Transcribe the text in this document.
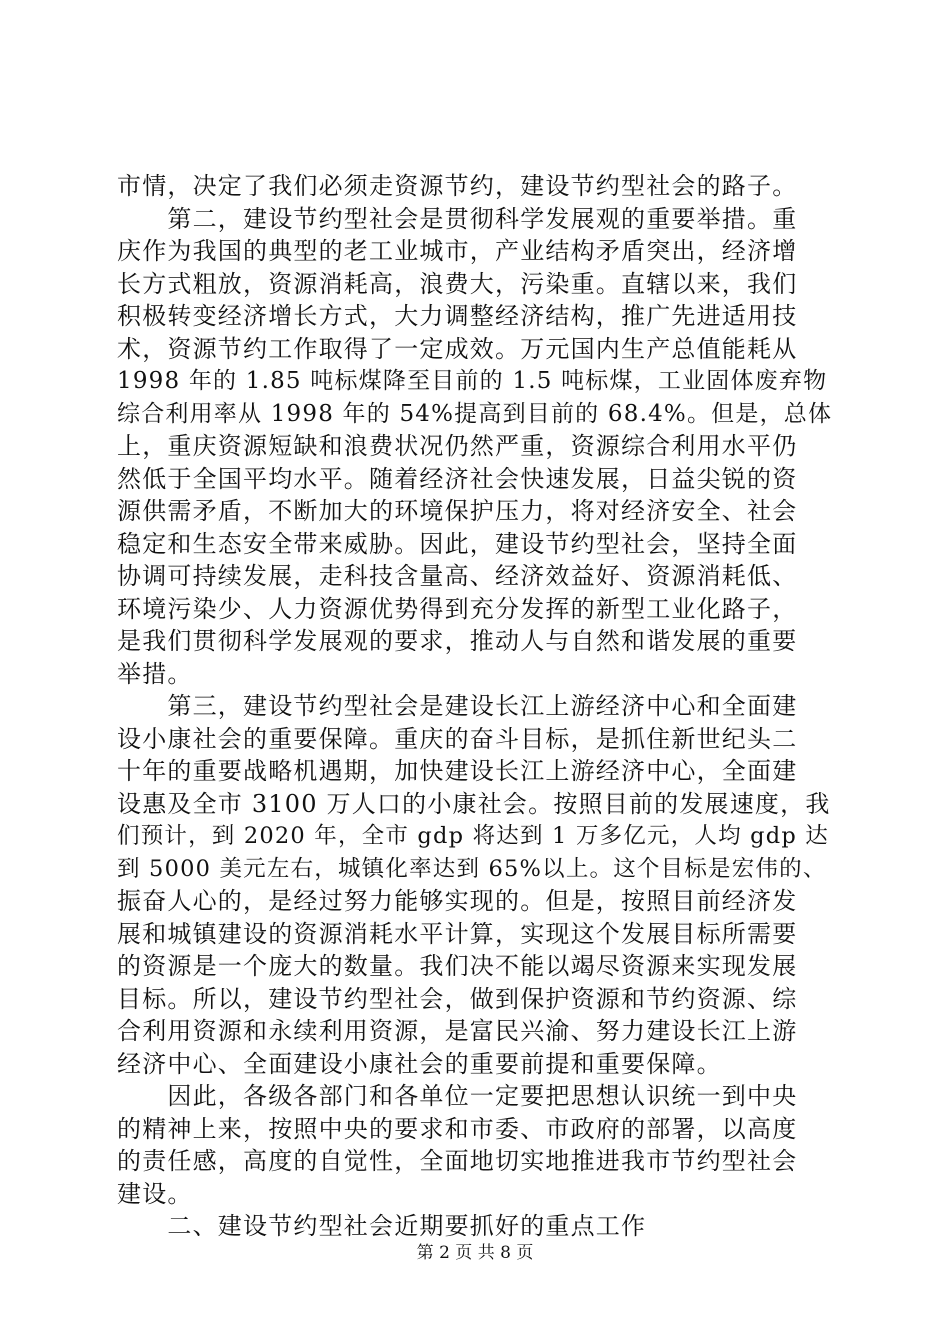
市情，决定了我们必须走资源节约，建设节约型社会的路子。
　　第二，建设节约型社会是贯彻科学发展观的重要举措。重
庆作为我国的典型的老工业城市，产业结构矛盾突出，经济增
长方式粗放，资源消耗高，浪费大，污染重。直辖以来，我们
积极转变经济增长方式，大力调整经济结构，推广先进适用技
术，资源节约工作取得了一定成效。万元国内生产总值能耗从
1998 年的 1.85 吨标煤降至目前的 1.5 吨标煤，工业固体废弃物
综合利用率从 1998 年的 54%提高到目前的 68.4%。但是，总体
上，重庆资源短缺和浪费状况仍然严重，资源综合利用水平仍
然低于全国平均水平。随着经济社会快速发展，日益尖锐的资
源供需矛盾，不断加大的环境保护压力，将对经济安全、社会
稳定和生态安全带来威胁。因此，建设节约型社会，坚持全面
协调可持续发展，走科技含量高、经济效益好、资源消耗低、
环境污染少、人力资源优势得到充分发挥的新型工业化路子，
是我们贯彻科学发展观的要求，推动人与自然和谐发展的重要
举措。
　　第三，建设节约型社会是建设长江上游经济中心和全面建
设小康社会的重要保障。重庆的奋斗目标，是抓住新世纪头二
十年的重要战略机遇期，加快建设长江上游经济中心，全面建
设惠及全市 3100 万人口的小康社会。按照目前的发展速度，我
们预计，到 2020 年，全市 gdp 将达到 1 万多亿元，人均 gdp 达
到 5000 美元左右，城镇化率达到 65%以上。这个目标是宏伟的、
振奋人心的，是经过努力能够实现的。但是，按照目前经济发
展和城镇建设的资源消耗水平计算，实现这个发展目标所需要
的资源是一个庞大的数量。我们决不能以竭尽资源来实现发展
目标。所以，建设节约型社会，做到保护资源和节约资源、综
合利用资源和永续利用资源，是富民兴渝、努力建设长江上游
经济中心、全面建设小康社会的重要前提和重要保障。
　　因此，各级各部门和各单位一定要把思想认识统一到中央
的精神上来，按照中央的要求和市委、市政府的部署，以高度
的责任感，高度的自觉性，全面地切实地推进我市节约型社会
建设。
　　二、建设节约型社会近期要抓好的重点工作
第 2 页 共 8 页
